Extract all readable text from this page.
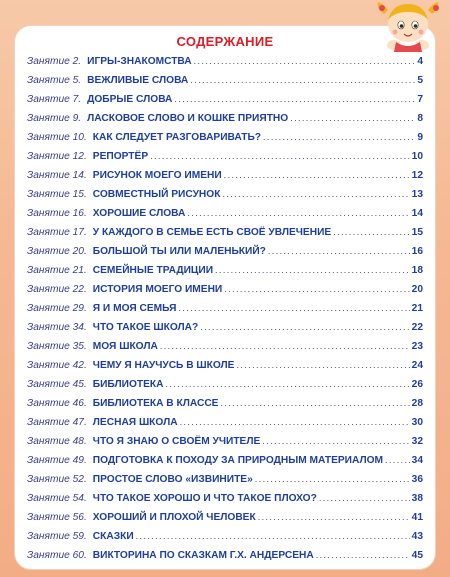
СОДЕРЖАНИЕ
Занятие 2. ИГРЫ-ЗНАКОМСТВА .....	4
Занятие 5. ВЕЖЛИВЫЕ СЛОВА .....	5
Занятие 7. ДОБРЫЕ СЛОВА .....	7
Занятие 9. ЛАСКОВОЕ СЛОВО И КОШКЕ ПРИЯТНО .....	8
Занятие 10. КАК СЛЕДУЕТ РАЗГОВАРИВАТЬ? .....	9
Занятие 12. РЕПОРТЁР .....	10
Занятие 14. РИСУНОК МОЕГО ИМЕНИ .....	12
Занятие 15. СОВМЕСТНЫЙ РИСУНОК .....	13
Занятие 16. ХОРОШИЕ СЛОВА .....	14
Занятие 17. У КАЖДОГО В СЕМЬЕ ЕСТЬ СВОЁ УВЛЕЧЕНИЕ .....	15
Занятие 20. БОЛЬШОЙ ТЫ ИЛИ МАЛЕНЬКИЙ? .....	16
Занятие 21. СЕМЕЙНЫЕ ТРАДИЦИИ .....	18
Занятие 22. ИСТОРИЯ МОЕГО ИМЕНИ .....	20
Занятие 29. Я И МОЯ СЕМЬЯ .....	21
Занятие 34. ЧТО ТАКОЕ ШКОЛА? .....	22
Занятие 35. МОЯ ШКОЛА .....	23
Занятие 42. ЧЕМУ Я НАУЧУСЬ В ШКОЛЕ .....	24
Занятие 45. БИБЛИОТЕКА .....	26
Занятие 46. БИБЛИОТЕКА В КЛАССЕ .....	28
Занятие 47. ЛЕСНАЯ ШКОЛА .....	30
Занятие 48. ЧТО Я ЗНАЮ О СВОЁМ УЧИТЕЛЕ .....	32
Занятие 49. ПОДГОТОВКА К ПОХОДУ ЗА ПРИРОДНЫМ МАТЕРИАЛОМ .....	34
Занятие 52. ПРОСТОЕ СЛОВО «ИЗВИНИТЕ» .....	36
Занятие 54. ЧТО ТАКОЕ ХОРОШО И ЧТО ТАКОЕ ПЛОХО? .....	38
Занятие 56. ХОРОШИЙ И ПЛОХОЙ ЧЕЛОВЕК .....	41
Занятие 59. СКАЗКИ .....	43
Занятие 60. ВИКТОРИНА ПО СКАЗКАМ Г.Х. АНДЕРСЕНА .....	45
